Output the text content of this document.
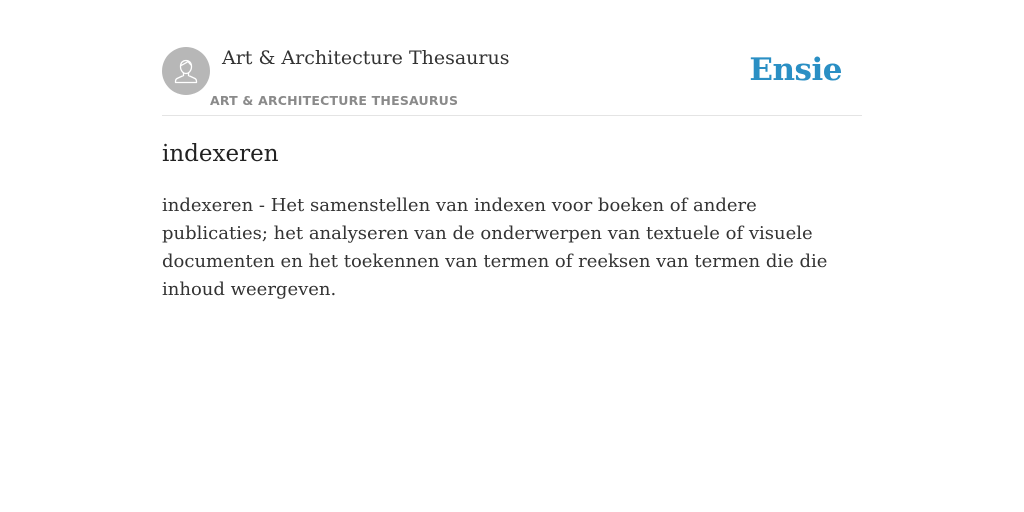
Art & Architecture Thesaurus
ART & ARCHITECTURE THESAURUS
Ensie
indexeren

indexeren - Het samenstellen van indexen voor boeken of andere publicaties; het analyseren van de onderwerpen van textuele of visuele documenten en het toekennen van termen of reeksen van termen die die inhoud weergeven.
